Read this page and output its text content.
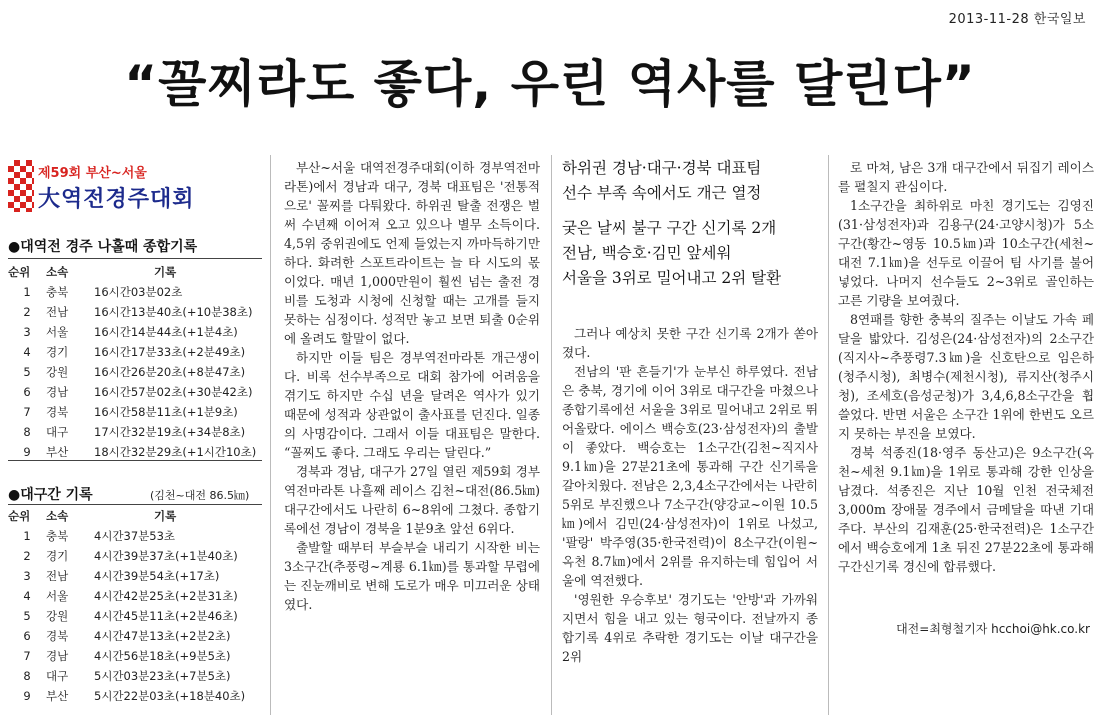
2013-11-28 한국일보
“꼴찌라도 좋다, 우린 역사를 달린다”
제59회 부산~서울
大역전경주대회
●대역전 경주 나홀때 종합기록
순위	소속	기록
1	충북	16시간03분02초
2	전남	16시간13분40초(+10분38초)
3	서울	16시간14분44초(+1분4초)
4	경기	16시간17분33초(+2분49초)
5	강원	16시간26분20초(+8분47초)
6	경남	16시간57분02초(+30분42초)
7	경북	16시간58분11초(+1분9초)
8	대구	17시간32분19초(+34분8초)
9	부산	18시간32분29초(+1시간10초)
●대구간 기록	(김천~대전 86.5㎞)
순위	소속	기록
1	충북	4시간37분53초
2	경기	4시간39분37초(+1분40초)
3	전남	4시간39분54초(+17초)
4	서울	4시간42분25초(+2분31초)
5	강원	4시간45분11초(+2분46초)
6	경북	4시간47분13초(+2분2초)
7	경남	4시간56분18초(+9분5초)
8	대구	5시간03분23초(+7분5초)
9	부산	5시간22분03초(+18분40초)

부산~서울 대역전경주대회(이하 경부역전마라톤)에서 경남과 대구, 경북 대표팀은 '전통적으로' 꼴찌를 다퉈왔다. 하위권 탈출 전쟁은 벌써 수년째 이어져 오고 있으나 별무 소득이다. 4,5위 중위권에도 언제 들었는지 까마득하기만 하다. 화려한 스포트라이트는 늘 타 시도의 몫이었다. 매년 1,000만원이 훨씬 넘는 출전 경비를 도청과 시청에 신청할 때는 고개를 들지 못하는 심정이다. 성적만 놓고 보면 퇴출 0순위에 올려도 할말이 없다.

하지만 이들 팀은 경부역전마라톤 개근생이다. 비록 선수부족으로 대회 참가에 어려움을 겪기도 하지만 수십 년을 달려온 역사가 있기 때문에 성적과 상관없이 출사표를 던진다. 일종의 사명감이다. 그래서 이들 대표팀은 말한다. “꼴찌도 좋다. 그래도 우리는 달린다.”

경북과 경남, 대구가 27일 열린 제59회 경부역전마라톤 나흘째 레이스 김천~대전(86.5㎞) 대구간에서도 나란히 6~8위에 그쳤다. 종합기록에선 경남이 경북을 1분9초 앞선 6위다.

출발할 때부터 부슬부슬 내리기 시작한 비는 3소구간(추풍령~계룡 6.1㎞)를 통과할 무렵에는 진눈깨비로 변해 도로가 매우 미끄러운 상태였다.

하위권 경남·대구·경북 대표팀
선수 부족 속에서도 개근 열정
궂은 날씨 불구 구간 신기록 2개
전남, 백승호·김민 앞세워
서울을 3위로 밀어내고 2위 탈환

그러나 예상치 못한 구간 신기록 2개가 쏟아졌다.

전남의 '판 흔들기'가 눈부신 하루였다. 전남은 충북, 경기에 이어 3위로 대구간을 마쳤으나 종합기록에선 서울을 3위로 밀어내고 2위로 뛰어올랐다. 에이스 백승호(23·삼성전자)의 출발이 좋았다. 백승호는 1소구간(김천~직지사 9.1㎞)을 27분21초에 통과해 구간 신기록을 갈아치웠다. 전남은 2,3,4소구간에서는 나란히 5위로 부진했으나 7소구간(양강교~이원 10.5㎞)에서 김민(24·삼성전자)이 1위로 나섰고, '팔랑' 박주영(35·한국전력)이 8소구간(이원~옥천 8.7㎞)에서 2위를 유지하는데 힘입어 서울에 역전했다.

'영원한 우승후보' 경기도는 '안방'과 가까워지면서 힘을 내고 있는 형국이다. 전날까지 종합기록 4위로 추락한 경기도는 이날 대구간을 2위

로 마쳐, 남은 3개 대구간에서 뒤집기 레이스를 펼칠지 관심이다.

1소구간을 최하위로 마친 경기도는 김영진(31·삼성전자)과 김용구(24·고양시청)가 5소구간(황간~영동 10.5㎞)과 10소구간(세천~대전 7.1㎞)을 선두로 이끌어 팀 사기를 불어넣었다. 나머지 선수들도 2~3위로 골인하는 고른 기량을 보여줬다.

8연패를 향한 충북의 질주는 이날도 가속 페달을 밟았다. 김성은(24·삼성전자)의 2소구간(직지사~추풍령7.3㎞)을 신호탄으로 임은하(청주시청), 최병수(제천시청), 류지산(청주시청), 조세호(음성군청)가 3,4,6,8소구간을 휩쓸었다. 반면 서울은 소구간 1위에 한번도 오르지 못하는 부진을 보였다.

경북 석종진(18·영주 동산고)은 9소구간(옥천~세천 9.1㎞)을 1위로 통과해 강한 인상을 남겼다. 석종진은 지난 10월 인천 전국체전 3,000m 장애물 경주에서 금메달을 따낸 기대주다. 부산의 김재훈(25·한국전력)은 1소구간에서 백승호에게 1초 뒤진 27분22초에 통과해 구간신기록 경신에 합류했다.

대전=최형철기자 hcchoi@hk.co.kr
